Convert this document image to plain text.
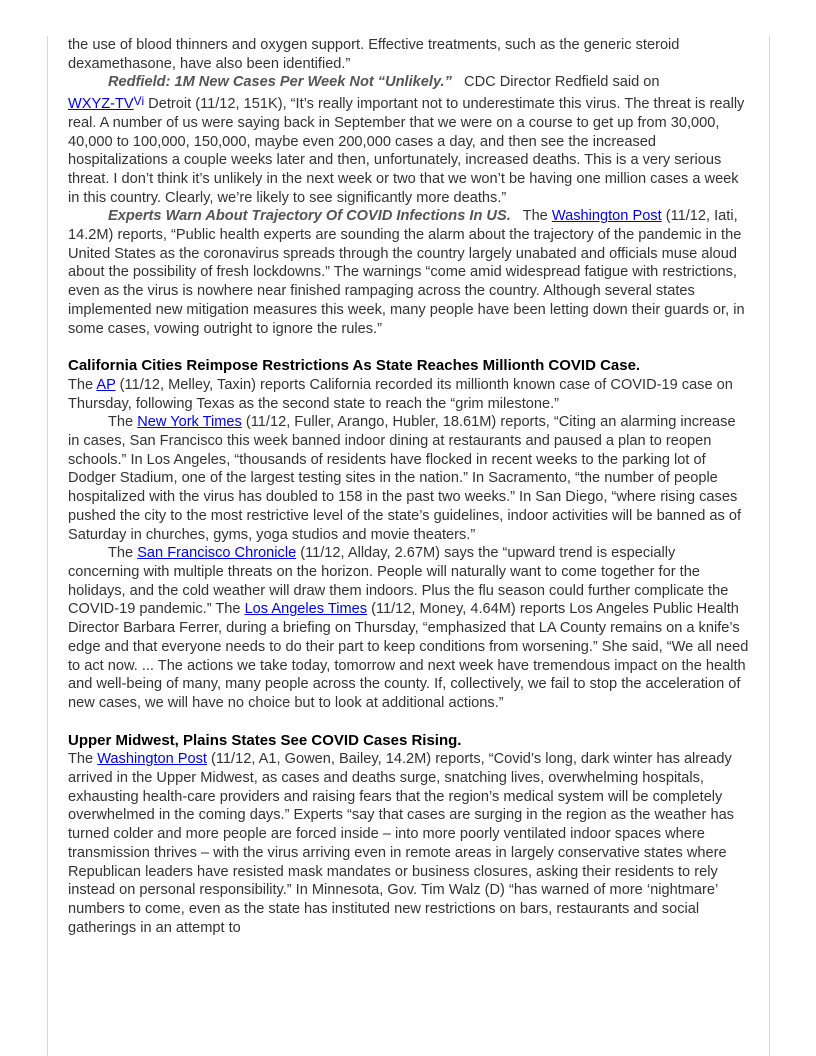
the use of blood thinners and oxygen support. Effective treatments, such as the generic steroid dexamethasone, have also been identified.”

Redfield: 1M New Cases Per Week Not “Unlikely.” CDC Director Redfield said on
WXYZ-$TV^{Vi}$ Detroit (11/12, 151K), “It’s really important not to underestimate this virus. The threat is really real. A number of us were saying back in September that we were on a course to get up from 30,000, 40,000 to 100,000, 150,000, maybe even 200,000 cases a day, and then see the increased hospitalizations a couple weeks later and then, unfortunately, increased deaths. This is a very serious threat. I don’t think it’s unlikely in the next week or two that we won’t be having one million cases a week in this country. Clearly, we’re likely to see significantly more deaths.”

Experts Warn About Trajectory Of COVID Infections In US. The Washington Post (11/12, Iati, 14.2M) reports, “Public health experts are sounding the alarm about the trajectory of the pandemic in the United States as the coronavirus spreads through the country largely unabated and officials muse aloud about the possibility of fresh lockdowns.” The warnings “come amid widespread fatigue with restrictions, even as the virus is nowhere near finished rampaging across the country. Although several states implemented new mitigation measures this week, many people have been letting down their guards or, in some cases, vowing outright to ignore the rules.”

California Cities Reimpose Restrictions As State Reaches Millionth COVID Case.

The AP (11/12, Melley, Taxin) reports California recorded its millionth known case of COVID-19 case on Thursday, following Texas as the second state to reach the “grim milestone.”

The New York Times (11/12, Fuller, Arango, Hubler, 18.61M) reports, “Citing an alarming increase in cases, San Francisco this week banned indoor dining at restaurants and paused a plan to reopen schools.” In Los Angeles, “thousands of residents have flocked in recent weeks to the parking lot of Dodger Stadium, one of the largest testing sites in the nation.” In Sacramento, “the number of people hospitalized with the virus has doubled to 158 in the past two weeks.” In San Diego, “where rising cases pushed the city to the most restrictive level of the state’s guidelines, indoor activities will be banned as of Saturday in churches, gyms, yoga studios and movie theaters.”

The San Francisco Chronicle (11/12, Allday, 2.67M) says the “upward trend is especially concerning with multiple threats on the horizon. People will naturally want to come together for the holidays, and the cold weather will draw them indoors. Plus the flu season could further complicate the COVID-19 pandemic.” The Los Angeles Times (11/12, Money, 4.64M) reports Los Angeles Public Health Director Barbara Ferrer, during a briefing on Thursday, “emphasized that LA County remains on a knife’s edge and that everyone needs to do their part to keep conditions from worsening.” She said, “We all need to act now. ... The actions we take today, tomorrow and next week have tremendous impact on the health and well-being of many, many people across the county. If, collectively, we fail to stop the acceleration of new cases, we will have no choice but to look at additional actions.”

Upper Midwest, Plains States See COVID Cases Rising.

The Washington Post (11/12, A1, Gowen, Bailey, 14.2M) reports, “Covid’s long, dark winter has already arrived in the Upper Midwest, as cases and deaths surge, snatching lives, overwhelming hospitals, exhausting health-care providers and raising fears that the region’s medical system will be completely overwhelmed in the coming days.” Experts “say that cases are surging in the region as the weather has turned colder and more people are forced inside – into more poorly ventilated indoor spaces where transmission thrives – with the virus arriving even in remote areas in largely conservative states where Republican leaders have resisted mask mandates or business closures, asking their residents to rely instead on personal responsibility.” In Minnesota, Gov. Tim Walz (D) “has warned of more ‘nightmare’ numbers to come, even as the state has instituted new restrictions on bars, restaurants and social gatherings in an attempt to
